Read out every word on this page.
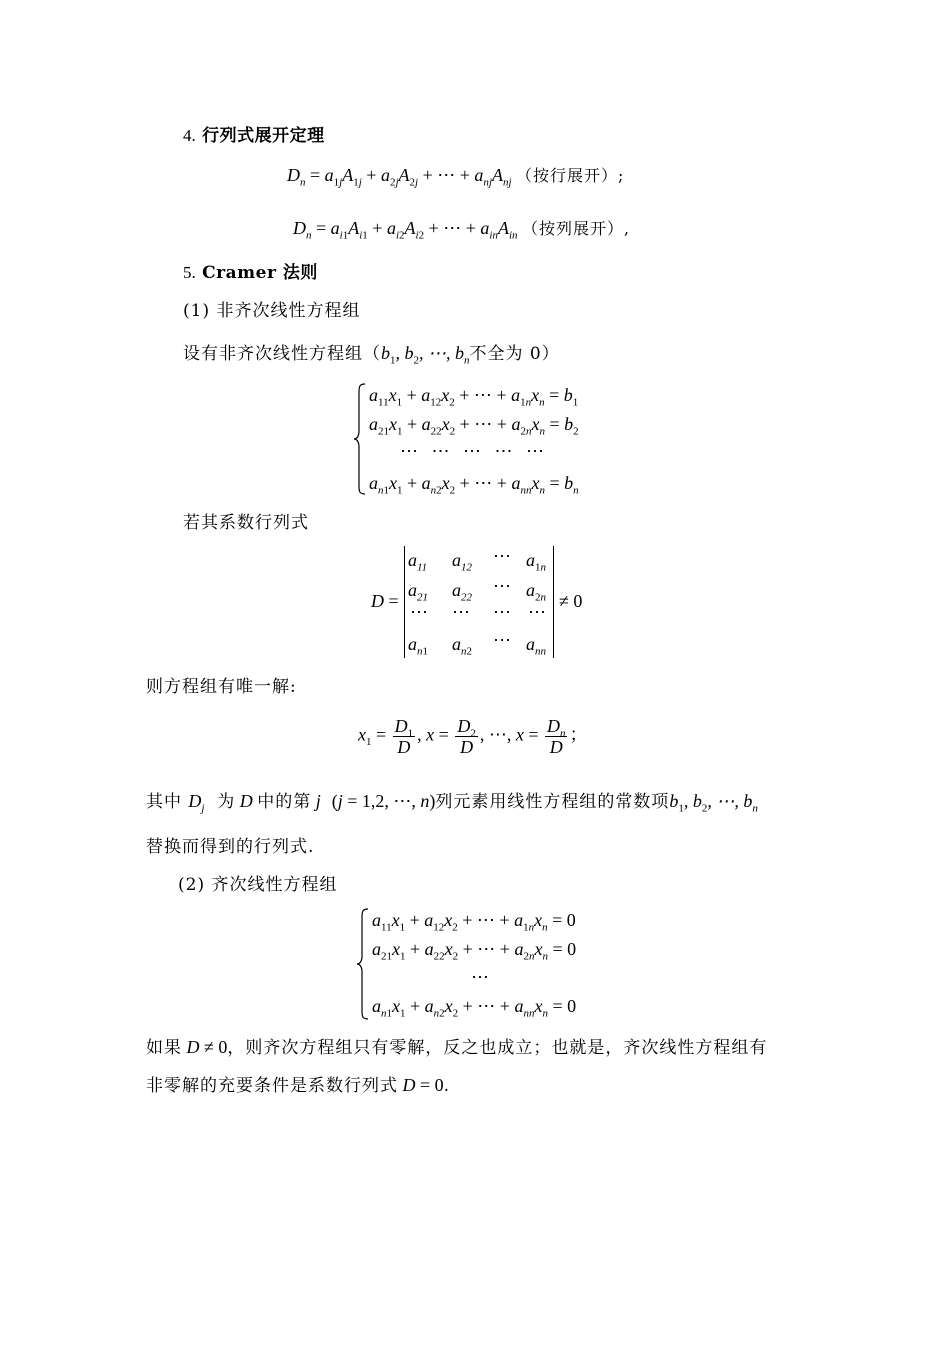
4. 行列式展开定理
$D_n = a_{1j}A_{1j} + a_{2j}A_{2j}$ + ⋯ + $a_{nj}A_{nj}$ （按行展开）;
$D_n = a_{i1}A_{i1} + a_{i2}A_{i2}$ + ⋯ + $a_{in}A_{in}$ （按列展开）,
5. Cramer 法则
(1) 非齐次线性方程组
设有非齐次线性方程组（$b_1$, $b_2$, ⋯, $b_n$不全为 0）
$a_{11}x_1 + a_{12}x_2$ + ⋯ + $a_{1n}x_n = b_1$
$a_{21}x_1 + a_{22}x_2$ + ⋯ + $a_{2n}x_n = b_2$
⋯   ⋯   ⋯   ⋯   ⋯
$a_{n1}x_1 + a_{n2}x_2$ + ⋯ + $a_{nn}x_n = b_n$
若其系数行列式
D =
$a_{11}$ $a_{12}$
⋯ $a_{1n}$
$a_{21}$ $a_{22}$
⋯ $a_{2n}$
⋯ ⋯ ⋯ ⋯
$a_{n1}$ $a_{n2}$
⋯ $a_{nn}$
≠ 0
则方程组有唯一解:
$x_1 = \frac{D_1}{D}$ , $x = \frac{D_2}{D}$ , ⋯, $x = \frac{D_n}{D}$ ；
其中 $D_j$ 为 D 中的第 j  (j = 1,2, ⋯, n)列元素用线性方程组的常数项$b_1$, $b_2$, ⋯, $b_n$
替换而得到的行列式.
(2) 齐次线性方程组
$a_{11}x_1 + a_{12}x_2$ + ⋯ + $a_{1n}x_n = 0$
$a_{21}x_1 + a_{22}x_2$ + ⋯ + $a_{2n}x_n = 0$
⋯
$a_{n1}x_1 + a_{n2}x_2$ + ⋯ + $a_{nn}x_n = 0$
如果 D ≠ 0，则齐次方程组只有零解，反之也成立；也就是，齐次线性方程组有
非零解的充要条件是系数行列式 D = 0.
